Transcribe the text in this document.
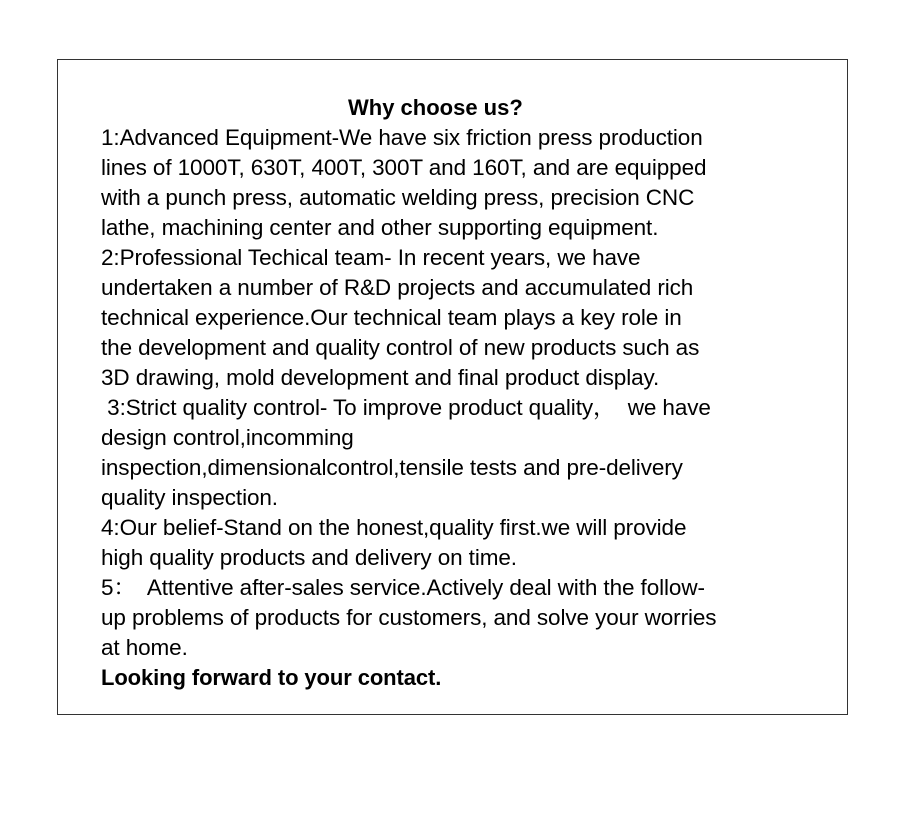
Why choose us?
1:Advanced Equipment-We have six friction press production
lines of 1000T, 630T, 400T, 300T and 160T, and are equipped
with a punch press, automatic welding press, precision CNC
lathe, machining center and other supporting equipment.
2:Professional Techical team- In recent years, we have
undertaken a number of R&D projects and accumulated rich
technical experience.Our technical team plays a key role in
the development and quality control of new products such as
3D drawing, mold development and final product display.
3:Strict quality control- To improve product quality，  we have
design control,incomming
inspection,dimensionalcontrol,tensile tests and pre-delivery
quality inspection.
4:Our belief-Stand on the honest,quality first.we will provide
high quality products and delivery on time.
5：  Attentive after-sales service.Actively deal with the follow-
up problems of products for customers, and solve your worries
at home.
Looking forward to your contact.
